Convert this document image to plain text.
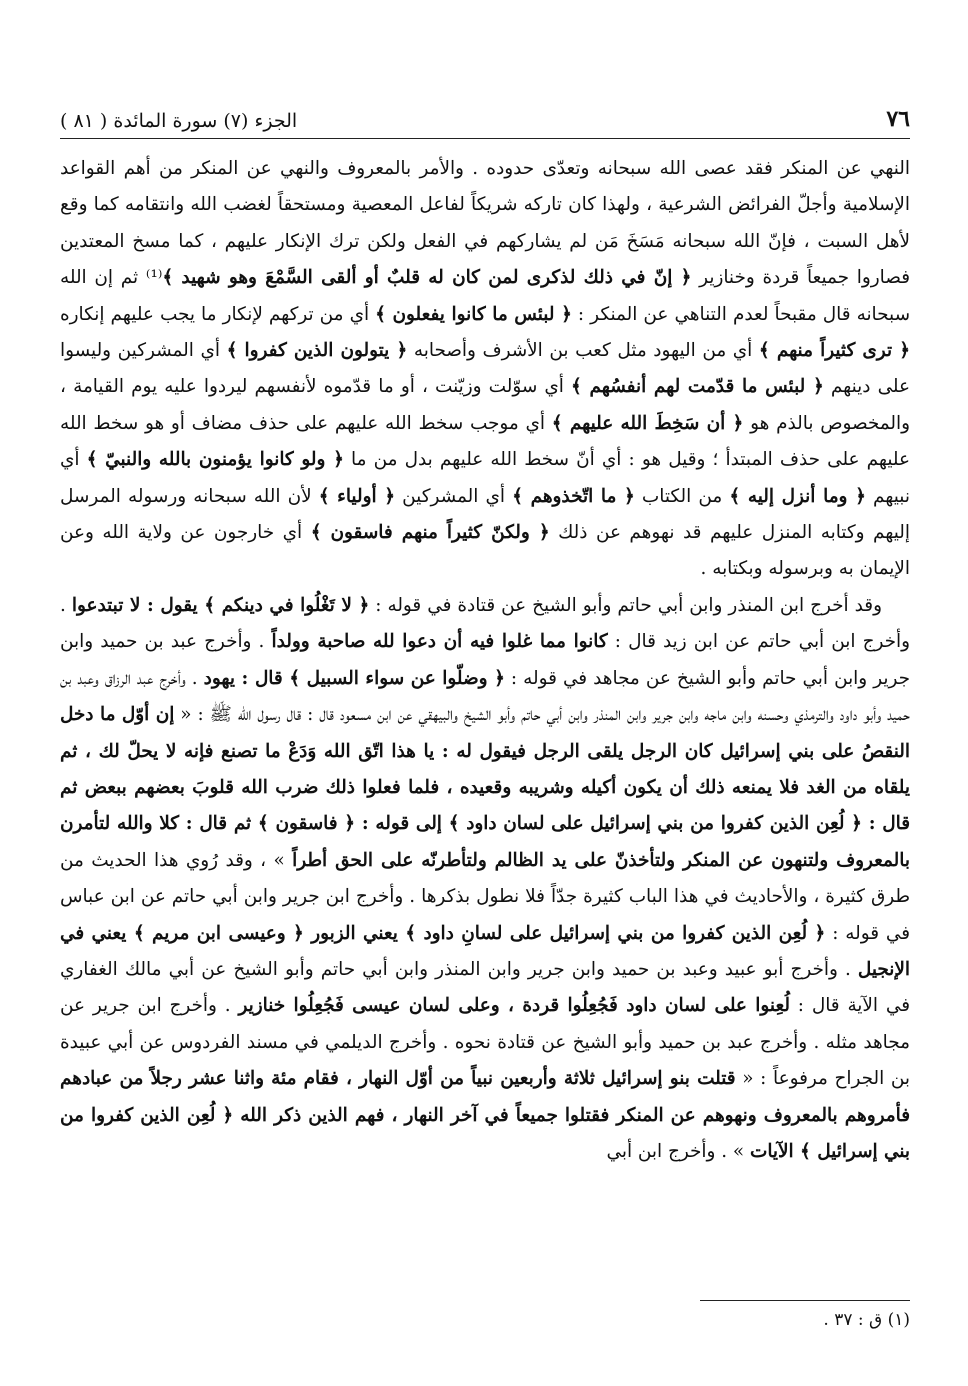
٧٦
الجزء (٧) سورة المائدة ( ٨١ )

النهي عن المنكر فقد عصى الله سبحانه وتعدّى حدوده . والأمر بالمعروف والنهي عن المنكر من أهم القواعد الإسلامية وأجلّ الفرائض الشرعية ، ولهذا كان تاركه شريكاً لفاعل المعصية ومستحقاً لغضب الله وانتقامه كما وقع لأهل السبت ، فإنّ الله سبحانه مَسَخَ مَن لم يشاركهم في الفعل ولكن ترك الإنكار عليهم ، كما مسخ المعتدين فصاروا جميعاً قردة وخنازير ﴿ إنّ في ذلك لذكرى لمن كان له قلبٌ أو ألقى السَّمْعَ وهو شهيد ﴾⁽¹⁾ ثم إن الله سبحانه قال مقبحاً لعدم التناهي عن المنكر : ﴿ لبئس ما كانوا يفعلون ﴾ أي من تركهم لإنكار ما يجب عليهم إنكاره ﴿ ترى كثيراً منهم ﴾ أي من اليهود مثل كعب بن الأشرف وأصحابه ﴿ يتولون الذين كفروا ﴾ أي المشركين وليسوا على دينهم ﴿ لبئس ما قدّمت لهم أنفسُهم ﴾ أي سوّلت وزيّنت ، أو ما قدّموه لأنفسهم ليردوا عليه يوم القيامة ، والمخصوص بالذم هو ﴿ أن سَخِطَ الله عليهم ﴾ أي موجب سخط الله عليهم على حذف مضاف أو هو سخط الله عليهم على حذف المبتدأ ؛ وقيل هو : أي أنّ سخط الله عليهم بدل من ما ﴿ ولو كانوا يؤمنون بالله والنبيّ ﴾ أي نبيهم ﴿ وما أنزل إليه ﴾ من الكتاب ﴿ ما اتّخذوهم ﴾ أي المشركين ﴿ أولياء ﴾ لأن الله سبحانه ورسوله المرسل إليهم وكتابه المنزل عليهم قد نهوهم عن ذلك ﴿ ولكنّ كثيراً منهم فاسقون ﴾ أي خارجون عن ولاية الله وعن الإيمان به وبرسوله وبكتابه .

وقد أخرج ابن المنذر وابن أبي حاتم وأبو الشيخ عن قتادة في قوله : ﴿ لا تَغْلُوا في دينكم ﴾ يقول : لا تبتدعوا . وأخرج ابن أبي حاتم عن ابن زيد قال : كانوا مما غلوا فيه أن دعوا لله صاحبة وولداً . وأخرج عبد بن حميد وابن جرير وابن أبي حاتم وأبو الشيخ عن مجاهد في قوله : ﴿ وضلّوا عن سواء السبيل ﴾ قال : يهود . وأخرج عبد الرزاق وعبد بن حميد وأبو داود والترمذي وحسنه وابن ماجه وابن جرير وابن المنذر وابن أبي حاتم وأبو الشيخ والبيهقي عن ابن مسعود قال : قال رسول الله ﷺ : « إن أوّل ما دخل النقصُ على بني إسرائيل كان الرجل يلقى الرجل فيقول له : يا هذا اتّق الله وَدَعْ ما تصنع فإنه لا يحلّ لك ، ثم يلقاه من الغد فلا يمنعه ذلك أن يكون أكيله وشريبه وقعيده ، فلما فعلوا ذلك ضرب الله قلوبَ بعضهم ببعض ثم قال : ﴿ لُعِن الذين كفروا من بني إسرائيل على لسان داود ﴾ إلى قوله : ﴿ فاسقون ﴾ ثم قال : كلا والله لتأمرن بالمعروف ولتنهون عن المنكر ولتأخذنّ على يد الظالم ولتأطرنّه على الحق أطراً » ، وقد رُوي هذا الحديث من طرق كثيرة ، والأحاديث في هذا الباب كثيرة جدّاً فلا نطول بذكرها . وأخرج ابن جرير وابن أبي حاتم عن ابن عباس في قوله : ﴿ لُعِن الذين كفروا من بني إسرائيل على لسانِ داود ﴾ يعني الزبور ﴿ وعيسى ابن مريم ﴾ يعني في الإنجيل . وأخرج أبو عبيد وعبد بن حميد وابن جرير وابن المنذر وابن أبي حاتم وأبو الشيخ عن أبي مالك الغفاري في الآية قال : لُعِنوا على لسان داود فَجُعِلُوا قردة ، وعلى لسان عيسى فَجُعِلُوا خنازير . وأخرج ابن جرير عن مجاهد مثله . وأخرج عبد بن حميد وأبو الشيخ عن قتادة نحوه . وأخرج الديلمي في مسند الفردوس عن أبي عبيدة بن الجراح مرفوعاً : « قتلت بنو إسرائيل ثلاثة وأربعين نبياً من أوّل النهار ، فقام مئة واثنا عشر رجلاً من عبادهم فأمروهم بالمعروف ونهوهم عن المنكر فقتلوا جميعاً في آخر النهار ، فهم الذين ذكر الله ﴿ لُعِن الذين كفروا من بني إسرائيل ﴾ الآيات » . وأخرج ابن أبي

(١) ق : ٣٧ .
